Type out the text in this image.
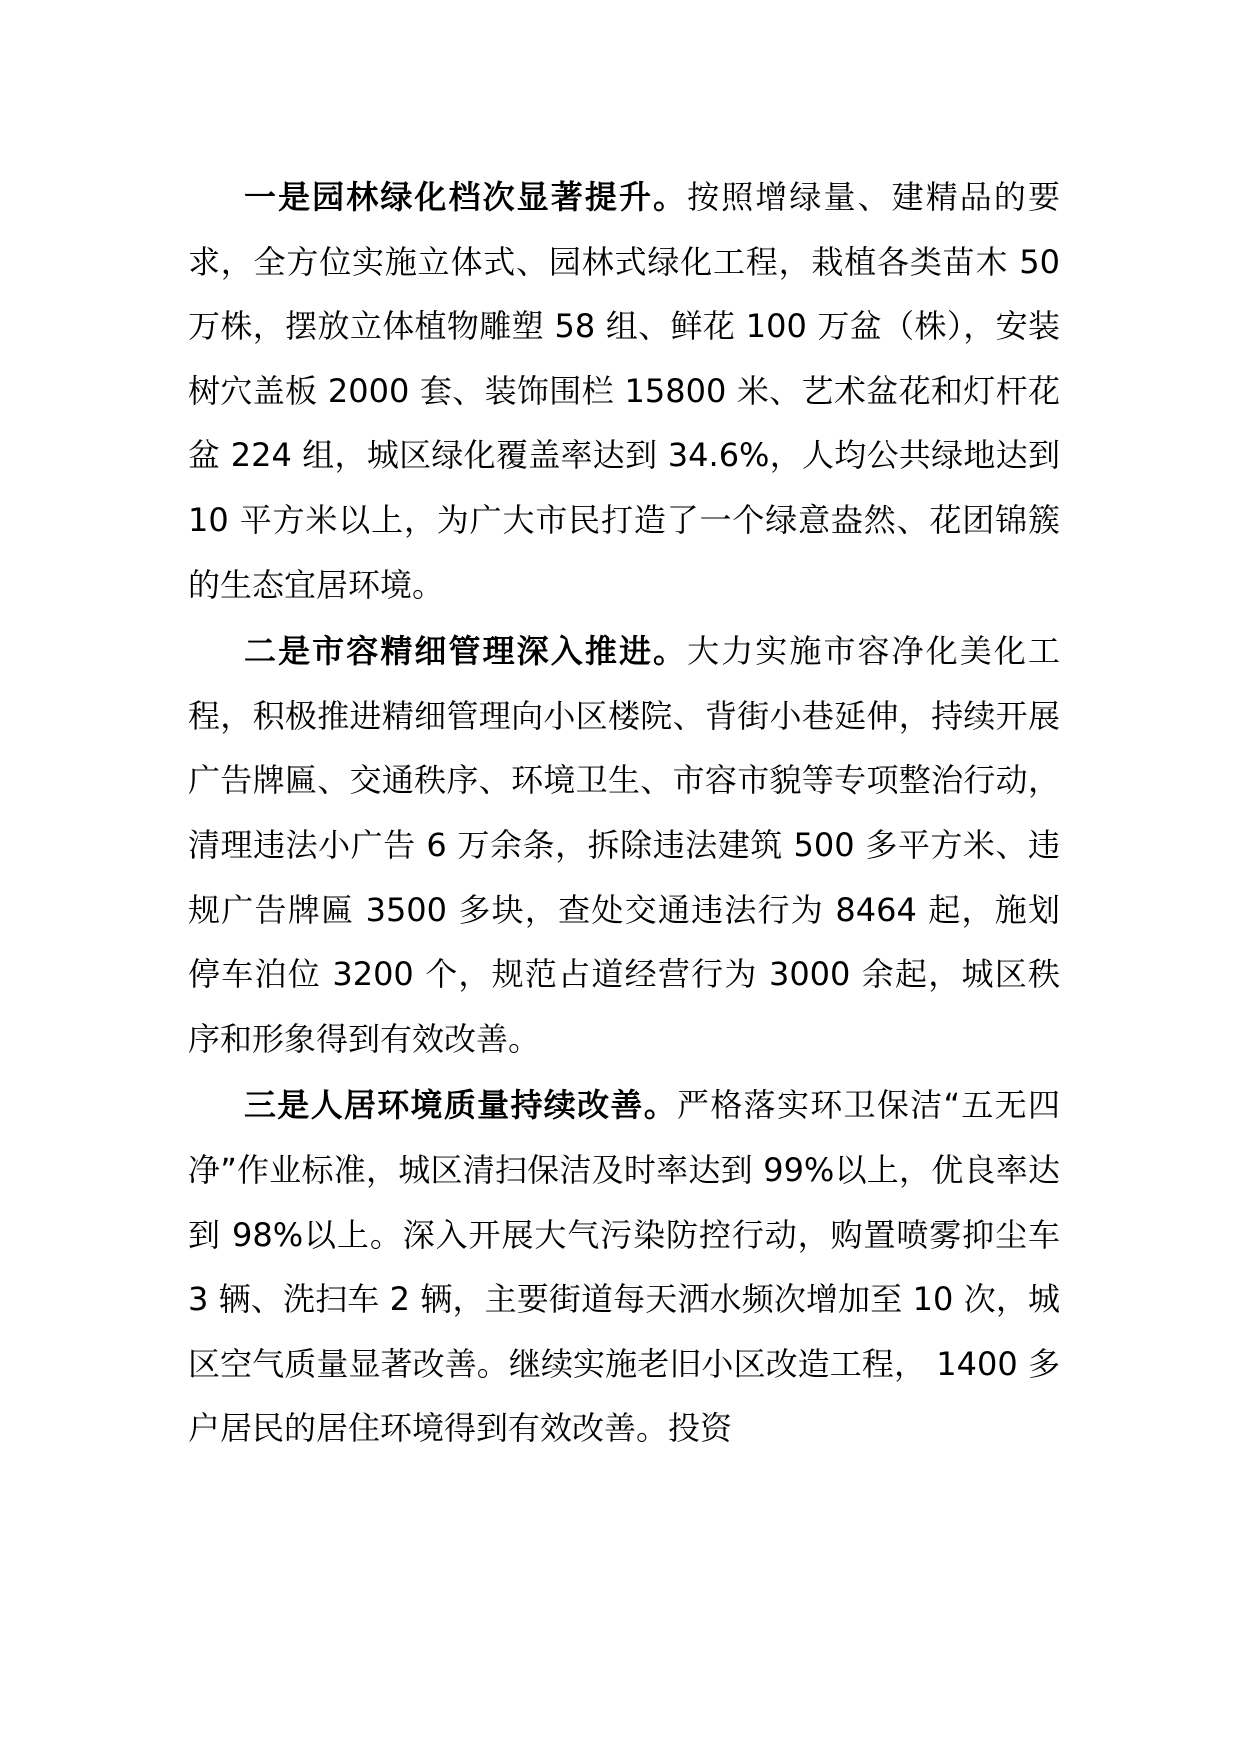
一是园林绿化档次显著提升。按照增绿量、建精品的要求，全方位实施立体式、园林式绿化工程，栽植各类苗木 50 万株，摆放立体植物雕塑 58 组、鲜花 100 万盆（株），安装树穴盖板 2000 套、装饰围栏 15800 米、艺术盆花和灯杆花盆 224 组，城区绿化覆盖率达到 34.6%，人均公共绿地达到 10 平方米以上，为广大市民打造了一个绿意盎然、花团锦簇的生态宜居环境。

二是市容精细管理深入推进。大力实施市容净化美化工程，积极推进精细管理向小区楼院、背街小巷延伸，持续开展广告牌匾、交通秩序、环境卫生、市容市貌等专项整治行动，清理违法小广告 6 万余条，拆除违法建筑 500 多平方米、违规广告牌匾 3500 多块，查处交通违法行为 8464 起，施划停车泊位 3200 个，规范占道经营行为 3000 余起，城区秩序和形象得到有效改善。

三是人居环境质量持续改善。严格落实环卫保洁“五无四净”作业标准，城区清扫保洁及时率达到 99%以上，优良率达到 98%以上。深入开展大气污染防控行动，购置喷雾抑尘车 3 辆、洗扫车 2 辆，主要街道每天洒水频次增加至 10 次，城区空气质量显著改善。继续实施老旧小区改造工程， 1400 多户居民的居住环境得到有效改善。投资
